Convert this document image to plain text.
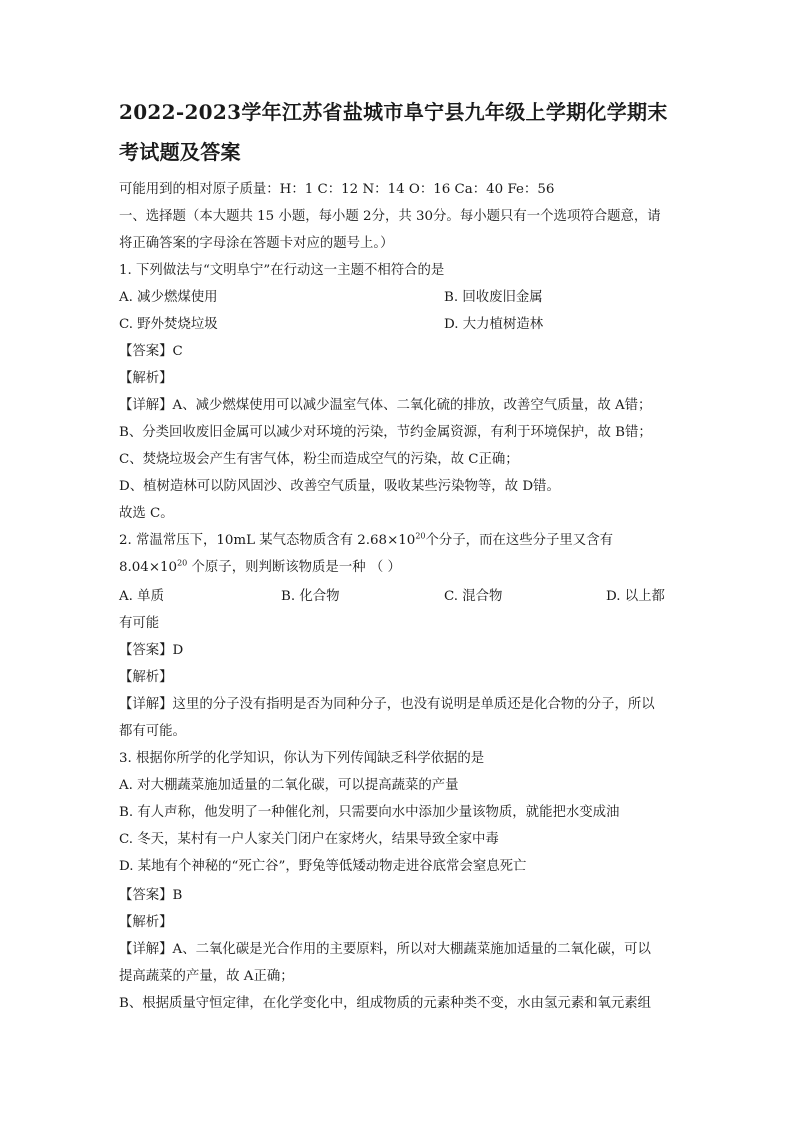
2022-2023学年江苏省盐城市阜宁县九年级上学期化学期末
考试题及答案
可能用到的相对原子质量：H：1 C：12 N：14 O：16 Ca：40 Fe：56
一、选择题（本大题共 15 小题，每小题 2分，共 30分。每小题只有一个选项符合题意，请
将正确答案的字母涂在答题卡对应的题号上。）
1. 下列做法与“文明阜宁”在行动这一主题不相符合的是
A. 减少燃煤使用	B. 回收废旧金属
C. 野外焚烧垃圾	D. 大力植树造林
【答案】C
【解析】
【详解】A、减少燃煤使用可以减少温室气体、二氧化硫的排放，改善空气质量，故 A错；
B、分类回收废旧金属可以减少对环境的污染，节约金属资源，有利于环境保护，故 B错；
C、焚烧垃圾会产生有害气体，粉尘而造成空气的污染，故 C正确；
D、植树造林可以防风固沙、改善空气质量，吸收某些污染物等，故 D错。
故选 C。
2. 常温常压下，10mL 某气态物质含有 $2.68\times 10^{20}$个分子，而在这些分子里又含有
$8.04\times 10^{20}$ 个原子，则判断该物质是一种 （ ）
A. 单质	B. 化合物	C. 混合物	D. 以上都
有可能
【答案】D
【解析】
【详解】这里的分子没有指明是否为同种分子，也没有说明是单质还是化合物的分子，所以
都有可能。
3. 根据你所学的化学知识，你认为下列传闻缺乏科学依据的是
A. 对大棚蔬菜施加适量的二氧化碳，可以提高蔬菜的产量
B. 有人声称，他发明了一种催化剂，只需要向水中添加少量该物质，就能把水变成油
C. 冬天，某村有一户人家关门闭户在家烤火，结果导致全家中毒
D. 某地有个神秘的“死亡谷”，野兔等低矮动物走进谷底常会窒息死亡
【答案】B
【解析】
【详解】A、二氧化碳是光合作用的主要原料，所以对大棚蔬菜施加适量的二氧化碳，可以
提高蔬菜的产量，故 A正确；
B、根据质量守恒定律，在化学变化中，组成物质的元素种类不变，水由氢元素和氧元素组
